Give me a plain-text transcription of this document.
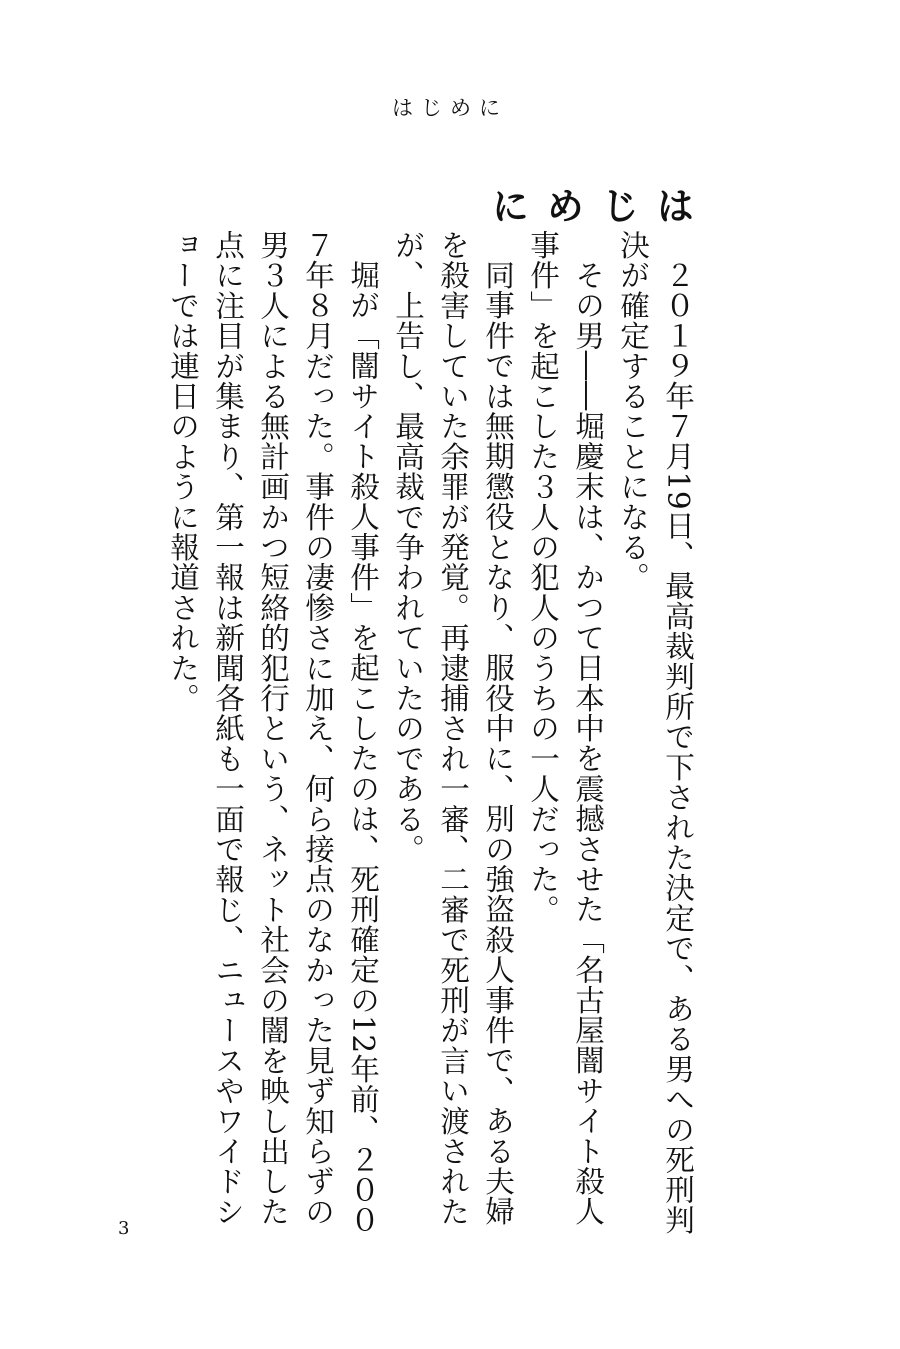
はじめに
はじめに

２０１９年７月19日、最高裁判所で下された決定で、ある男への死刑判決が確定することになる。

その男――堀慶末は、かつて日本中を震撼させた「名古屋闇サイト殺人事件」を起こした３人の犯人のうちの一人だった。

同事件では無期懲役となり、服役中に、別の強盗殺人事件で、ある夫婦を殺害していた余罪が発覚。再逮捕され一審、二審で死刑が言い渡されたが、上告し、最高裁で争われていたのである。

堀が「闇サイト殺人事件」を起こしたのは、死刑確定の12年前、２００７年８月だった。事件の凄惨さに加え、何ら接点のなかった見ず知らずの男３人による無計画かつ短絡的犯行という、ネット社会の闇を映し出した点に注目が集まり、第一報は新聞各紙も一面で報じ、ニュースやワイドショーでは連日のように報道された。

3
